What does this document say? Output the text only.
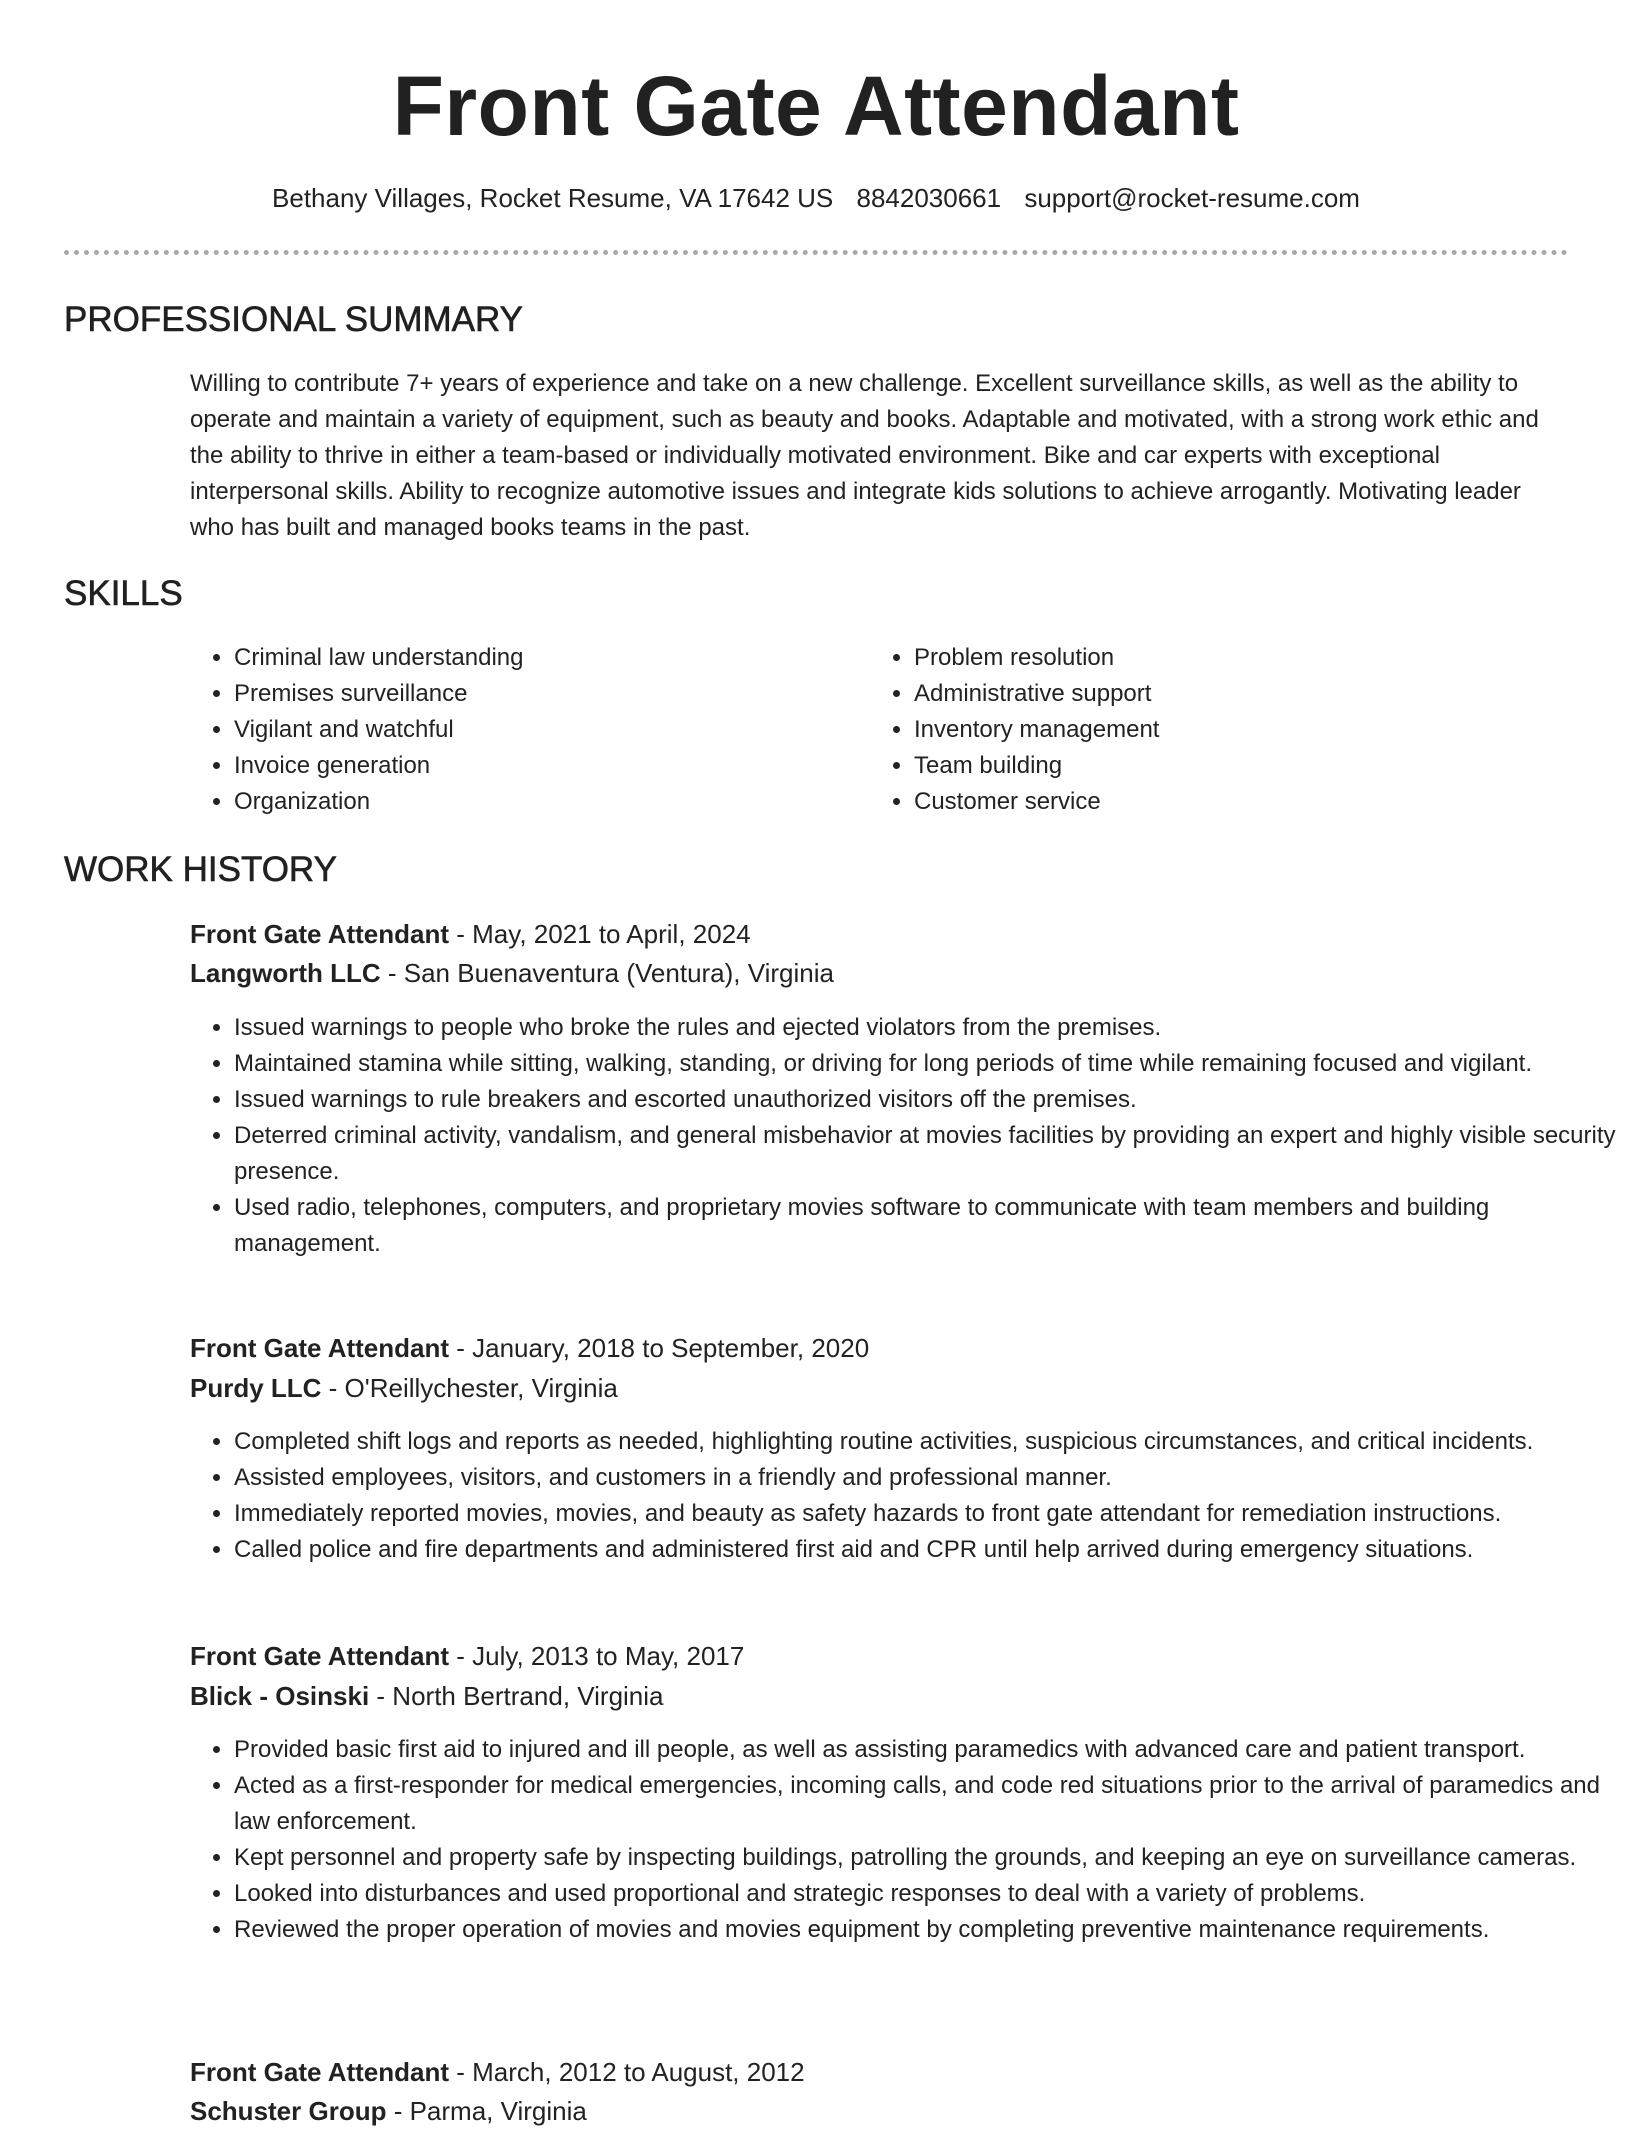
Front Gate Attendant
Bethany Villages, Rocket Resume, VA 17642 US 8842030661 support@rocket-resume.com
PROFESSIONAL SUMMARY

Willing to contribute 7+ years of experience and take on a new challenge. Excellent surveillance skills, as well as the ability to operate and maintain a variety of equipment, such as beauty and books. Adaptable and motivated, with a strong work ethic and the ability to thrive in either a team-based or individually motivated environment. Bike and car experts with exceptional interpersonal skills. Ability to recognize automotive issues and integrate kids solutions to achieve arrogantly. Motivating leader who has built and managed books teams in the past.

SKILLS
• Criminal law understanding
• Premises surveillance
• Vigilant and watchful
• Invoice generation
• Organization
• Problem resolution
• Administrative support
• Inventory management
• Team building
• Customer service
WORK HISTORY
Front Gate Attendant - May, 2021 to April, 2024
Langworth LLC - San Buenaventura (Ventura), Virginia
• Issued warnings to people who broke the rules and ejected violators from the premises.
• Maintained stamina while sitting, walking, standing, or driving for long periods of time while remaining focused and vigilant.
• Issued warnings to rule breakers and escorted unauthorized visitors off the premises.
• Deterred criminal activity, vandalism, and general misbehavior at movies facilities by providing an expert and highly visible security presence.
• Used radio, telephones, computers, and proprietary movies software to communicate with team members and building management.
Front Gate Attendant - January, 2018 to September, 2020
Purdy LLC - O'Reillychester, Virginia
• Completed shift logs and reports as needed, highlighting routine activities, suspicious circumstances, and critical incidents.
• Assisted employees, visitors, and customers in a friendly and professional manner.
• Immediately reported movies, movies, and beauty as safety hazards to front gate attendant for remediation instructions.
• Called police and fire departments and administered first aid and CPR until help arrived during emergency situations.
Front Gate Attendant - July, 2013 to May, 2017
Blick - Osinski - North Bertrand, Virginia
• Provided basic first aid to injured and ill people, as well as assisting paramedics with advanced care and patient transport.
• Acted as a first-responder for medical emergencies, incoming calls, and code red situations prior to the arrival of paramedics and law enforcement.
• Kept personnel and property safe by inspecting buildings, patrolling the grounds, and keeping an eye on surveillance cameras.
• Looked into disturbances and used proportional and strategic responses to deal with a variety of problems.
• Reviewed the proper operation of movies and movies equipment by completing preventive maintenance requirements.
Front Gate Attendant - March, 2012 to August, 2012
Schuster Group - Parma, Virginia
